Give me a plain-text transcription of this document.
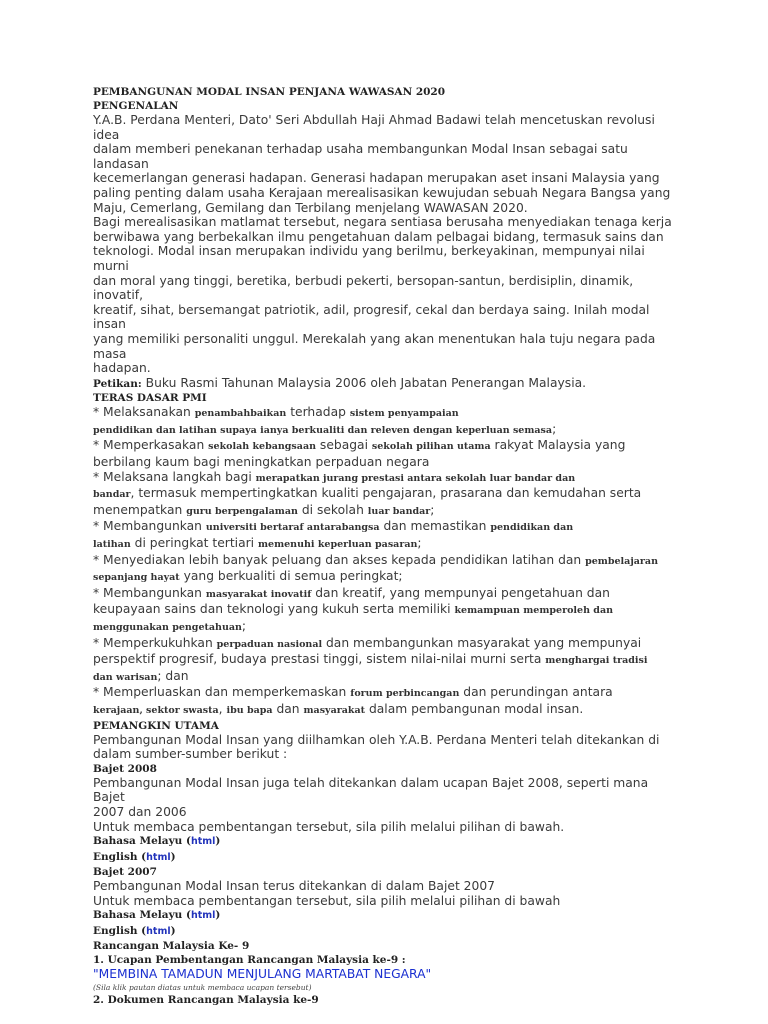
PEMBANGUNAN MODAL INSAN PENJANA WAWASAN 2020
PENGENALAN
Y.A.B. Perdana Menteri, Dato' Seri Abdullah Haji Ahmad Badawi telah mencetuskan revolusi
idea
dalam memberi penekanan terhadap usaha membangunkan Modal Insan sebagai satu
landasan
kecemerlangan generasi hadapan. Generasi hadapan merupakan aset insani Malaysia yang
paling penting dalam usaha Kerajaan merealisasikan kewujudan sebuah Negara Bangsa yang
Maju, Cemerlang, Gemilang dan Terbilang menjelang WAWASAN 2020.
Bagi merealisasikan matlamat tersebut, negara sentiasa berusaha menyediakan tenaga kerja
berwibawa yang berbekalkan ilmu pengetahuan dalam pelbagai bidang, termasuk sains dan
teknologi. Modal insan merupakan individu yang berilmu, berkeyakinan, mempunyai nilai
murni
dan moral yang tinggi, beretika, berbudi pekerti, bersopan-santun, berdisiplin, dinamik,
inovatif,
kreatif, sihat, bersemangat patriotik, adil, progresif, cekal dan berdaya saing. Inilah modal
insan
yang memiliki personaliti unggul. Merekalah yang akan menentukan hala tuju negara pada
masa
hadapan.
Petikan: Buku Rasmi Tahunan Malaysia 2006 oleh Jabatan Penerangan Malaysia.
TERAS DASAR PMI
* Melaksanakan penambahbaikan terhadap sistem penyampaian
pendidikan dan latihan supaya ianya berkualiti dan releven dengan keperluan semasa;
* Memperkasakan sekolah kebangsaan sebagai sekolah pilihan utama rakyat Malaysia yang
berbilang kaum bagi meningkatkan perpaduan negara
* Melaksana langkah bagi merapatkan jurang prestasi antara sekolah luar bandar dan
bandar, termasuk mempertingkatkan kualiti pengajaran, prasarana dan kemudahan serta
menempatkan guru berpengalaman di sekolah luar bandar;
* Membangunkan universiti bertaraf antarabangsa dan memastikan pendidikan dan
latihan di peringkat tertiari memenuhi keperluan pasaran;
* Menyediakan lebih banyak peluang dan akses kepada pendidikan latihan dan pembelajaran
sepanjang hayat yang berkualiti di semua peringkat;
* Membangunkan masyarakat inovatif dan kreatif, yang mempunyai pengetahuan dan
keupayaan sains dan teknologi yang kukuh serta memiliki kemampuan memperoleh dan
menggunakan pengetahuan;
* Memperkukuhkan perpaduan nasional dan membangunkan masyarakat yang mempunyai
perspektif progresif, budaya prestasi tinggi, sistem nilai-nilai murni serta menghargai tradisi
dan warisan; dan
* Memperluaskan dan memperkemaskan forum perbincangan dan perundingan antara
kerajaan, sektor swasta, ibu bapa dan masyarakat dalam pembangunan modal insan.
PEMANGKIN UTAMA
Pembangunan Modal Insan yang diilhamkan oleh Y.A.B. Perdana Menteri telah ditekankan di
dalam sumber-sumber berikut :
Bajet 2008
Pembangunan Modal Insan juga telah ditekankan dalam ucapan Bajet 2008, seperti mana
Bajet
2007 dan 2006
Untuk membaca pembentangan tersebut, sila pilih melalui pilihan di bawah.
Bahasa Melayu (html)
English (html)
Bajet 2007
Pembangunan Modal Insan terus ditekankan di dalam Bajet 2007
Untuk membaca pembentangan tersebut, sila pilih melalui pilihan di bawah
Bahasa Melayu (html)
English (html)
Rancangan Malaysia Ke- 9
1. Ucapan Pembentangan Rancangan Malaysia ke-9 :
"MEMBINA TAMADUN MENJULANG MARTABAT NEGARA"
(Sila klik pautan diatas untuk membaca ucapan tersebut)
2. Dokumen Rancangan Malaysia ke-9
